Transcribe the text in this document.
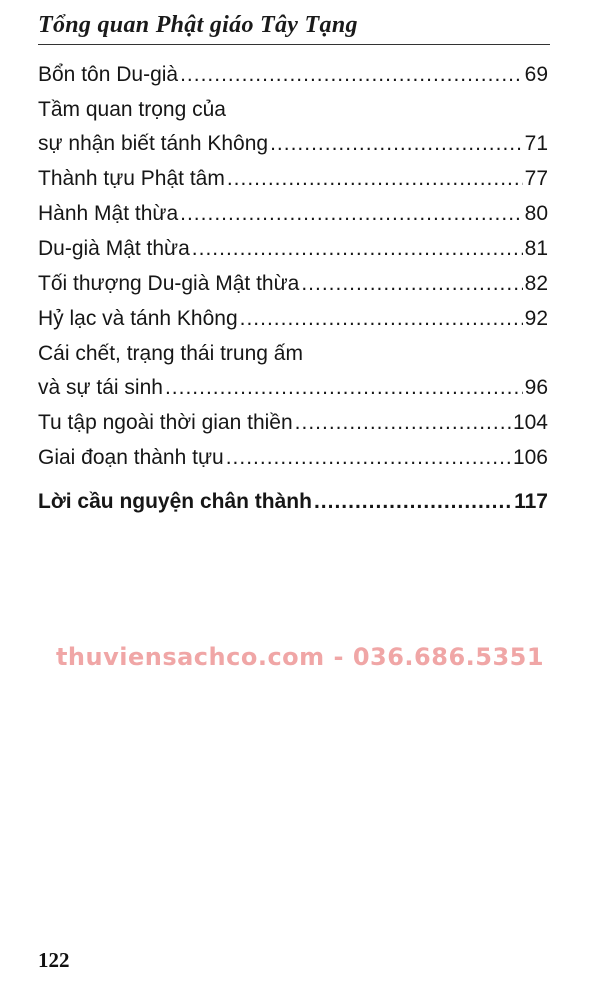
Tổng quan Phật giáo Tây Tạng
Bổn tôn Du-già .....	69
Tầm quan trọng của
sự nhận biết tánh Không .....	71
Thành tựu Phật tâm .....	77
Hành Mật thừa .....	80
Du-già Mật thừa .....	81
Tối thượng Du-già Mật thừa .....	82
Hỷ lạc và tánh Không .....	92
Cái chết, trạng thái trung ấm
và sự tái sinh .....	96
Tu tập ngoài thời gian thiền .....	104
Giai đoạn thành tựu .....	106
Lời cầu nguyện chân thành .....	117
thuviensachco.com - 036.686.5351
122
